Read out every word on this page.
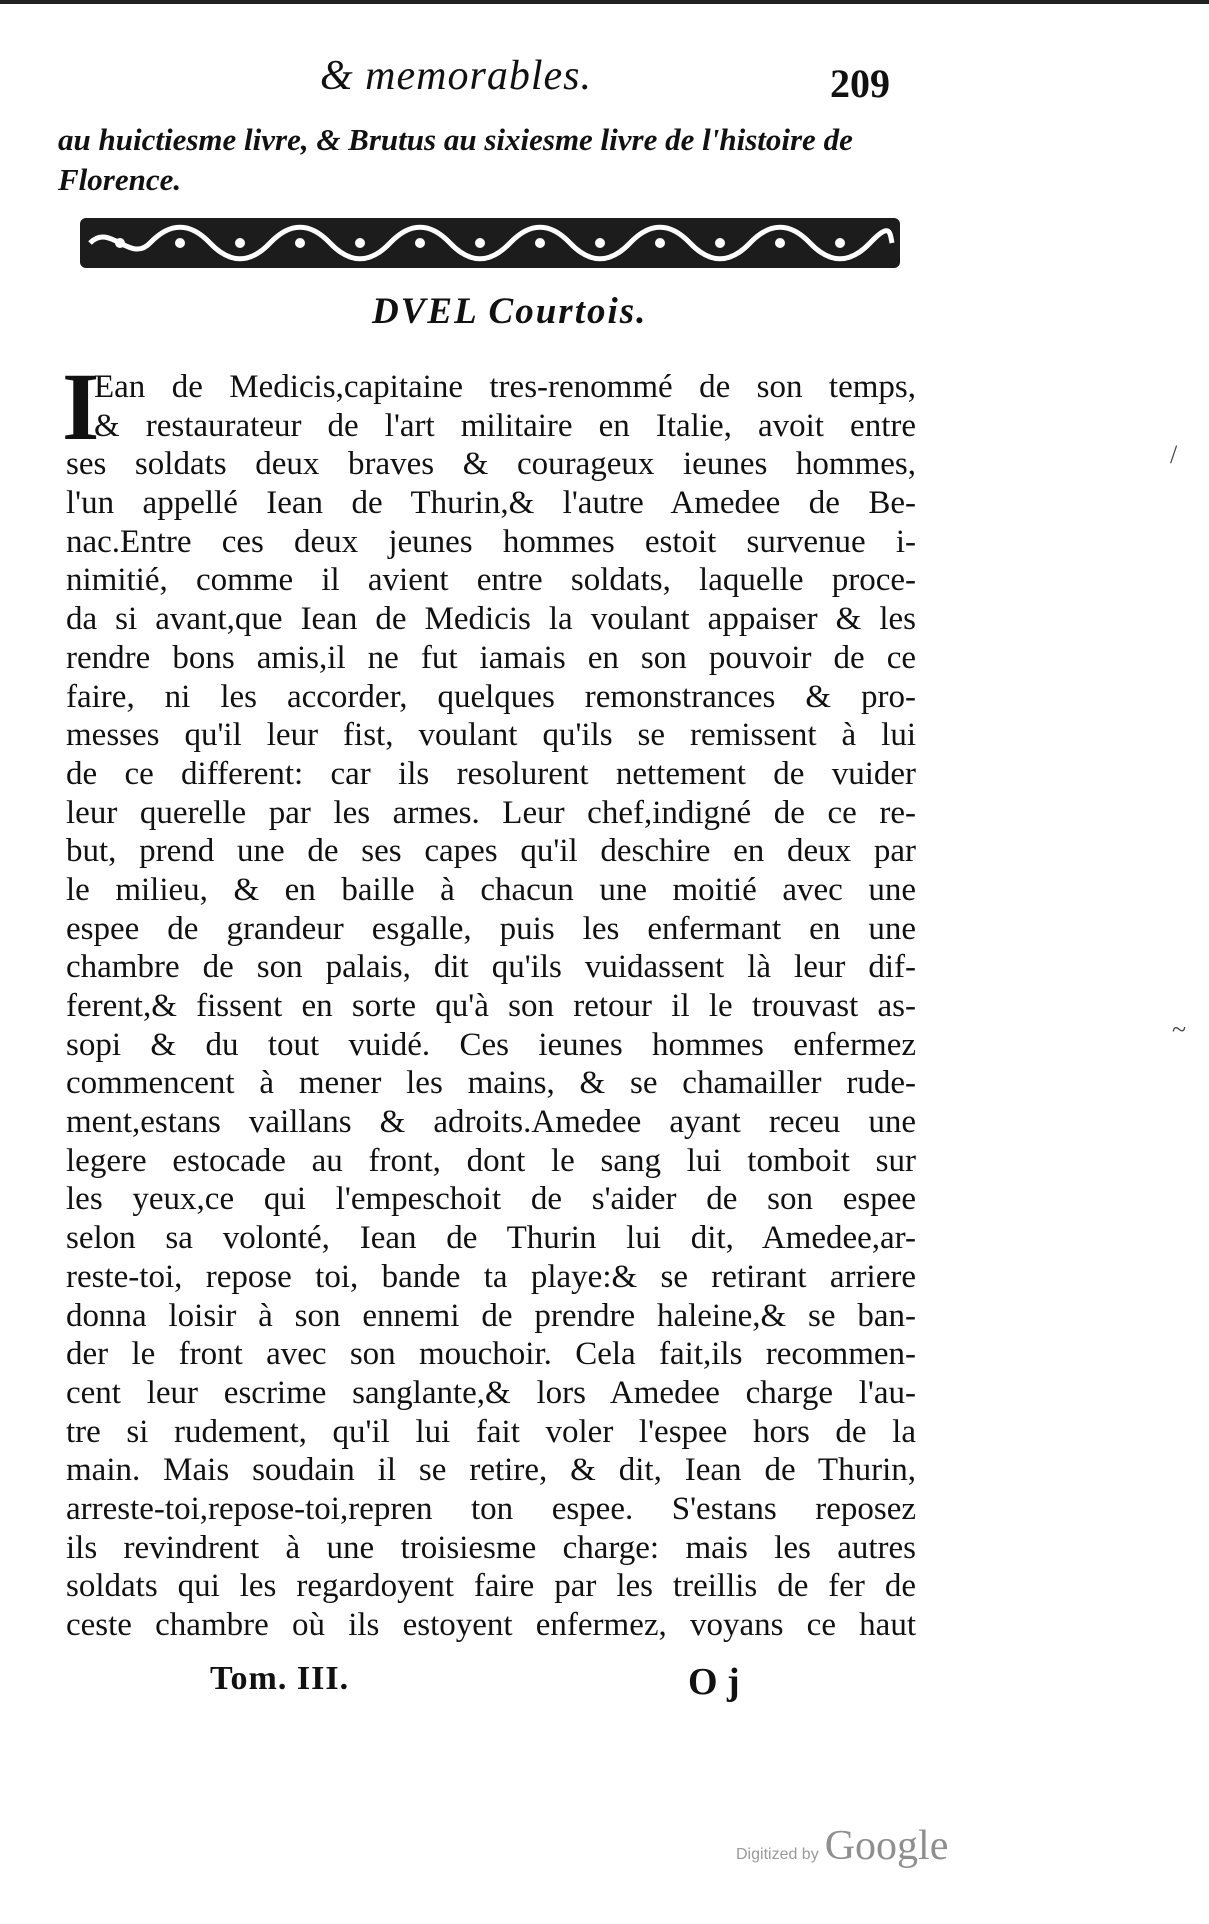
& memorables.	209
au huictiesme livre, & Brutus au sixiesme livre de l'histoire de
Florence.
DVEL Courtois.
I
Ean de Medicis,capitaine tres-renommé de son temps,
& restaurateur de l'art militaire en Italie, avoit entre
ses soldats deux braves & courageux ieunes hommes,
l'un appellé Iean de Thurin,& l'autre Amedee de Be-
nac.Entre ces deux jeunes hommes estoit survenue i-
nimitié, comme il avient entre soldats, laquelle proce-
da si avant,que Iean de Medicis la voulant appaiser & les
rendre bons amis,il ne fut iamais en son pouvoir de ce
faire, ni les accorder, quelques remonstrances & pro-
messes qu'il leur fist, voulant qu'ils se remissent à lui
de ce different: car ils resolurent nettement de vuider
leur querelle par les armes. Leur chef,indigné de ce re-
but, prend une de ses capes qu'il deschire en deux par
le milieu, & en baille à chacun une moitié avec une
espee de grandeur esgalle, puis les enfermant en une
chambre de son palais, dit qu'ils vuidassent là leur dif-
ferent,& fissent en sorte qu'à son retour il le trouvast as-
sopi & du tout vuidé. Ces ieunes hommes enfermez
commencent à mener les mains, & se chamailler rude-
ment,estans vaillans & adroits.Amedee ayant receu une
legere estocade au front, dont le sang lui tomboit sur
les yeux,ce qui l'empeschoit de s'aider de son espee
selon sa volonté, Iean de Thurin lui dit, Amedee,ar-
reste-toi, repose toi, bande ta playe:& se retirant arriere
donna loisir à son ennemi de prendre haleine,& se ban-
der le front avec son mouchoir. Cela fait,ils recommen-
cent leur escrime sanglante,& lors Amedee charge l'au-
tre si rudement, qu'il lui fait voler l'espee hors de la
main. Mais soudain il se retire, & dit, Iean de Thurin,
arreste-toi,repose-toi,repren ton espee. S'estans reposez
ils revindrent à une troisiesme charge: mais les autres
soldats qui les regardoyent faire par les treillis de fer de
ceste chambre où ils estoyent enfermez, voyans ce haut
Tom. III.	O j
/
~
Digitized by Google
